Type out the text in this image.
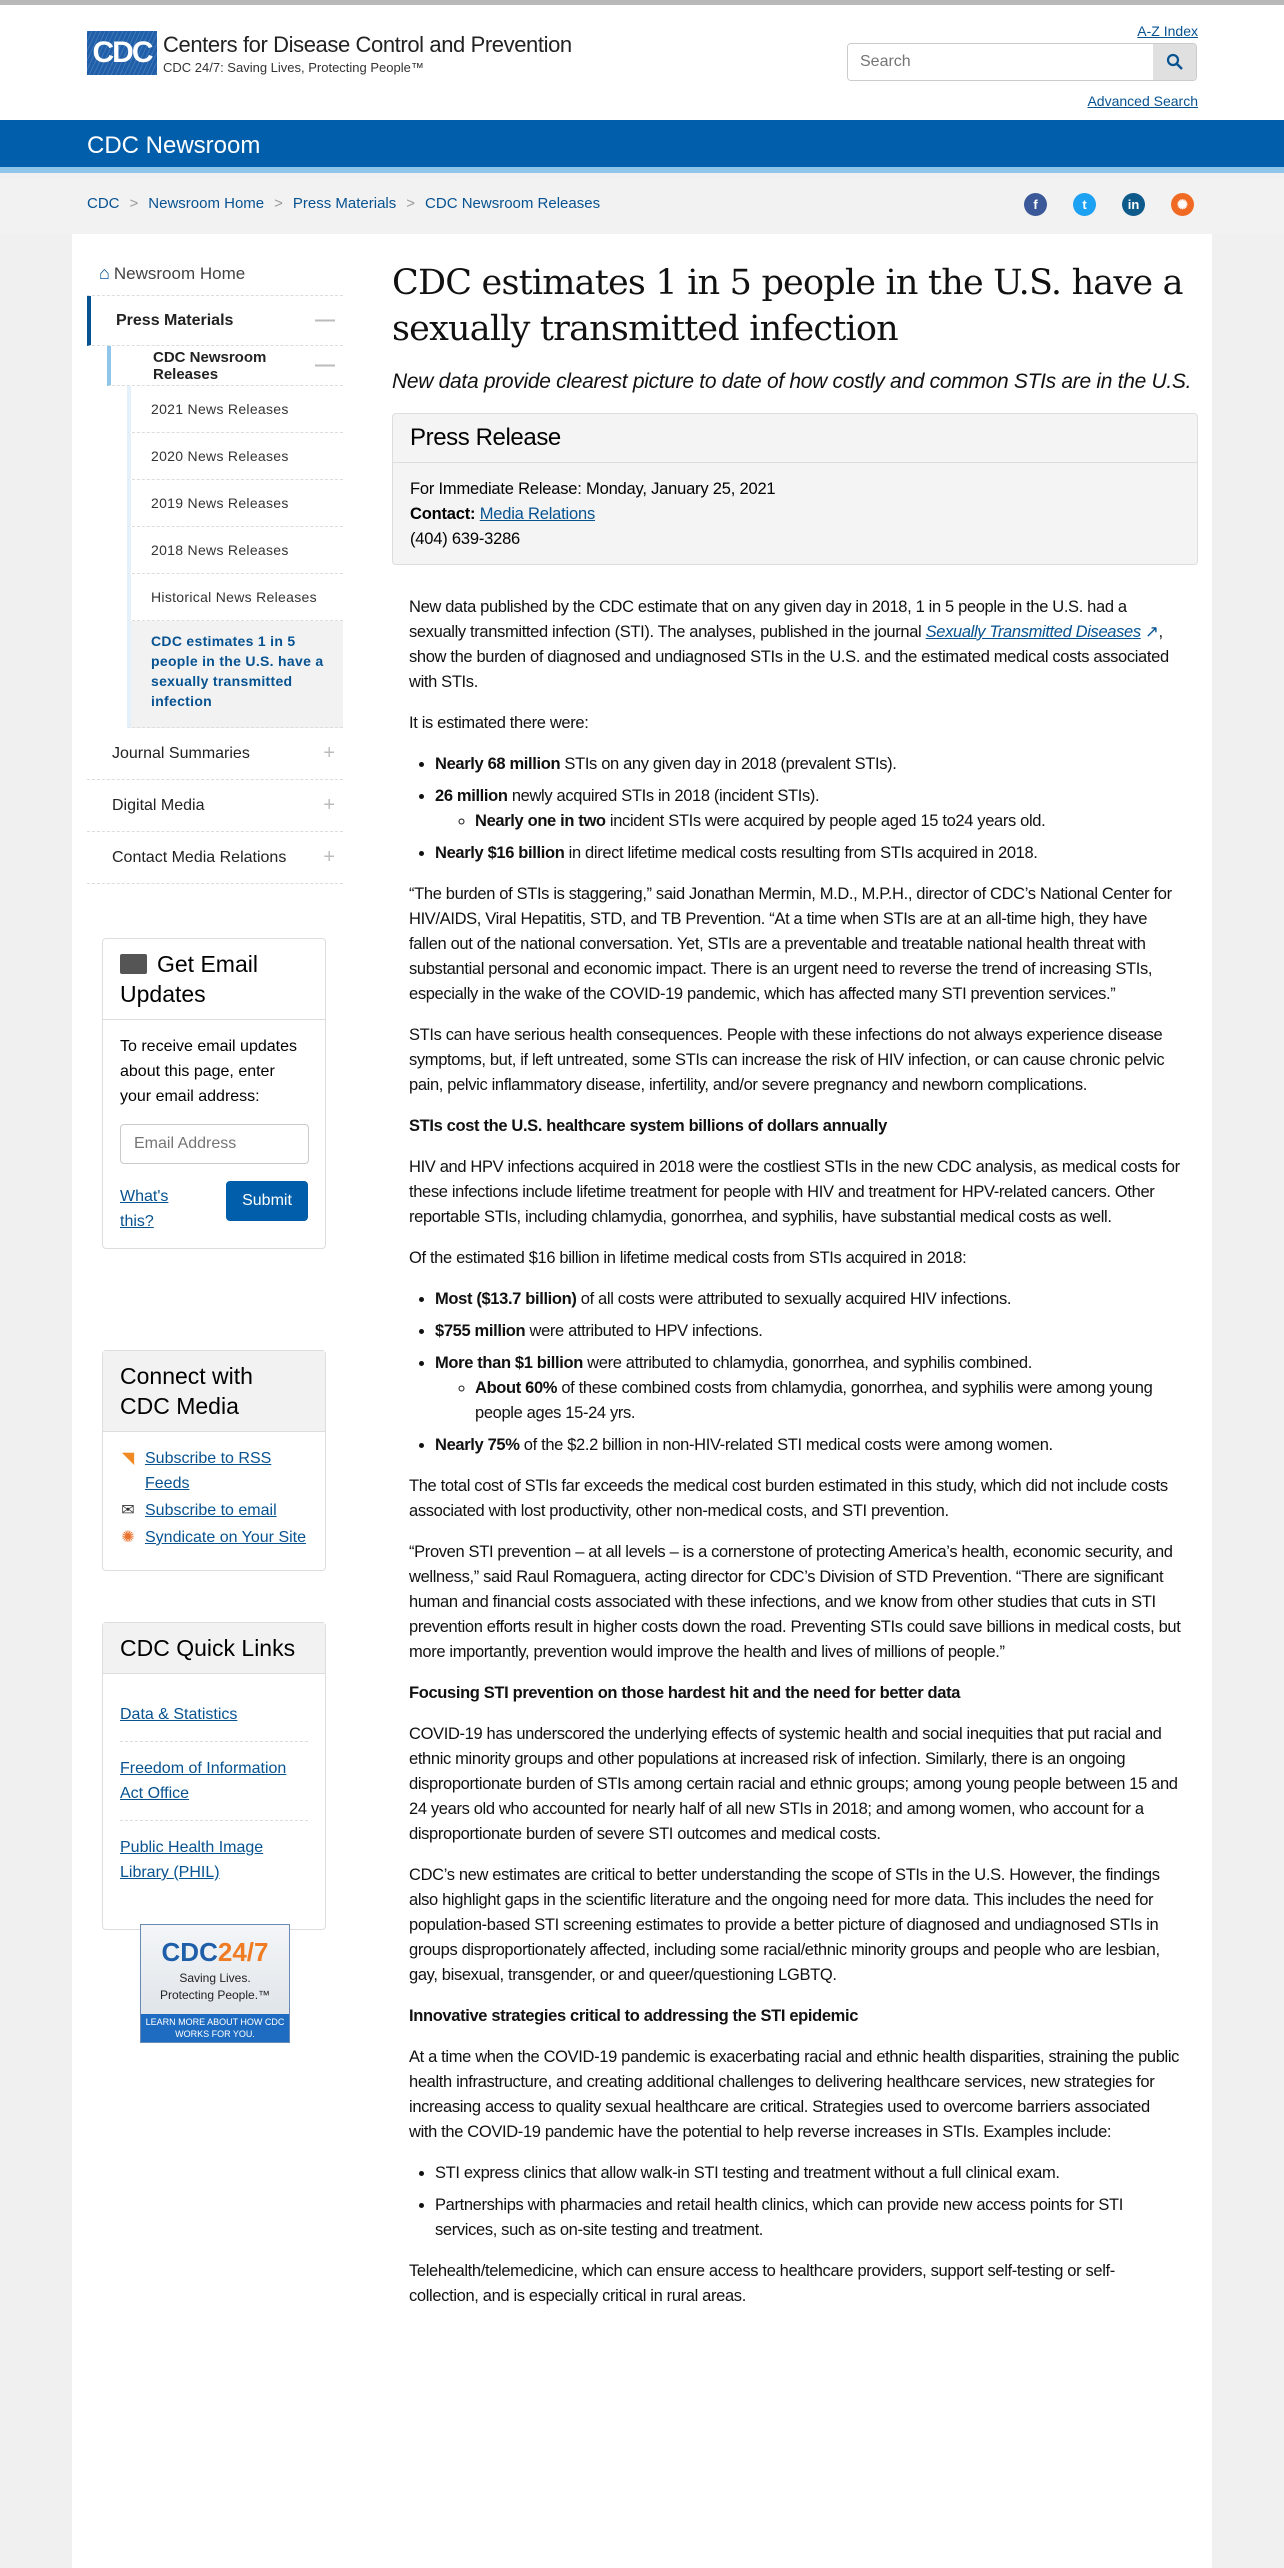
CDC Centers for Disease Control and Prevention
CDC 24/7: Saving Lives, Protecting People™
A-Z Index
Search
Advanced Search
CDC Newsroom
CDC > Newsroom Home > Press Materials > CDC Newsroom Releases	f	t	in	✺
⌂ Newsroom Home
Press Materials	—
CDC Newsroom Releases	—
2021 News Releases
2020 News Releases
2019 News Releases
2018 News Releases
Historical News Releases
CDC estimates 1 in 5 people in the U.S. have a sexually transmitted infection
Journal Summaries	+
Digital Media	+
Contact Media Relations +
Get Email Updates
To receive email updates about this page, enter your email address:
Email Address
What's this?
Submit
Connect with CDC Media
◥ Subscribe to RSS Feeds
✉ Subscribe to email
✺ Syndicate on Your Site
CDC Quick Links
Data & Statistics
Freedom of Information Act Office
Public Health Image Library (PHIL)
CDC24/7
Saving Lives.
Protecting People.™
LEARN MORE ABOUT HOW CDC WORKS FOR YOU.
CDC estimates 1 in 5 people in the U.S. have a sexually transmitted infection
New data provide clearest picture to date of how costly and common STIs are in the U.S.
Press Release
For Immediate Release: Monday, January 25, 2021
Contact: Media Relations
(404) 639-3286

New data published by the CDC estimate that on any given day in 2018, 1 in 5 people in the U.S. had a sexually transmitted infection (STI). The analyses, published in the journal Sexually Transmitted Diseases ↗, show the burden of diagnosed and undiagnosed STIs in the U.S. and the estimated medical costs associated with STIs.

It is estimated there were:

• Nearly 68 million STIs on any given day in 2018 (prevalent STIs).
• 26 million newly acquired STIs in 2018 (incident STIs).
◦ Nearly one in two incident STIs were acquired by people aged 15 to24 years old.
• Nearly $16 billion in direct lifetime medical costs resulting from STIs acquired in 2018.

“The burden of STIs is staggering,” said Jonathan Mermin, M.D., M.P.H., director of CDC’s National Center for HIV/AIDS, Viral Hepatitis, STD, and TB Prevention. “At a time when STIs are at an all-time high, they have fallen out of the national conversation. Yet, STIs are a preventable and treatable national health threat with substantial personal and economic impact. There is an urgent need to reverse the trend of increasing STIs, especially in the wake of the COVID-19 pandemic, which has affected many STI prevention services.”

STIs can have serious health consequences. People with these infections do not always experience disease symptoms, but, if left untreated, some STIs can increase the risk of HIV infection, or can cause chronic pelvic pain, pelvic inflammatory disease, infertility, and/or severe pregnancy and newborn complications.

STIs cost the U.S. healthcare system billions of dollars annually

HIV and HPV infections acquired in 2018 were the costliest STIs in the new CDC analysis, as medical costs for these infections include lifetime treatment for people with HIV and treatment for HPV-related cancers. Other reportable STIs, including chlamydia, gonorrhea, and syphilis, have substantial medical costs as well.

Of the estimated $16 billion in lifetime medical costs from STIs acquired in 2018:

• Most ($13.7 billion) of all costs were attributed to sexually acquired HIV infections.
• $755 million were attributed to HPV infections.
• More than $1 billion were attributed to chlamydia, gonorrhea, and syphilis combined.
◦ About 60% of these combined costs from chlamydia, gonorrhea, and syphilis were among young people ages 15-24 yrs.
• Nearly 75% of the $2.2 billion in non-HIV-related STI medical costs were among women.

The total cost of STIs far exceeds the medical cost burden estimated in this study, which did not include costs associated with lost productivity, other non-medical costs, and STI prevention.

“Proven STI prevention – at all levels – is a cornerstone of protecting America’s health, economic security, and wellness,” said Raul Romaguera, acting director for CDC’s Division of STD Prevention. “There are significant human and financial costs associated with these infections, and we know from other studies that cuts in STI prevention efforts result in higher costs down the road. Preventing STIs could save billions in medical costs, but more importantly, prevention would improve the health and lives of millions of people.”

Focusing STI prevention on those hardest hit and the need for better data

COVID-19 has underscored the underlying effects of systemic health and social inequities that put racial and ethnic minority groups and other populations at increased risk of infection. Similarly, there is an ongoing disproportionate burden of STIs among certain racial and ethnic groups; among young people between 15 and 24 years old who accounted for nearly half of all new STIs in 2018; and among women, who account for a disproportionate burden of severe STI outcomes and medical costs.

CDC’s new estimates are critical to better understanding the scope of STIs in the U.S. However, the findings also highlight gaps in the scientific literature and the ongoing need for more data. This includes the need for population-based STI screening estimates to provide a better picture of diagnosed and undiagnosed STIs in groups disproportionately affected, including some racial/ethnic minority groups and people who are lesbian, gay, bisexual, transgender, or and queer/questioning LGBTQ.

Innovative strategies critical to addressing the STI epidemic

At a time when the COVID-19 pandemic is exacerbating racial and ethnic health disparities, straining the public health infrastructure, and creating additional challenges to delivering healthcare services, new strategies for increasing access to quality sexual healthcare are critical. Strategies used to overcome barriers associated with the COVID-19 pandemic have the potential to help reverse increases in STIs. Examples include:

• STI express clinics that allow walk-in STI testing and treatment without a full clinical exam.
• Partnerships with pharmacies and retail health clinics, which can provide new access points for STI services, such as on-site testing and treatment.

Telehealth/telemedicine, which can ensure access to healthcare providers, support self-testing or self-collection, and is especially critical in rural areas.
